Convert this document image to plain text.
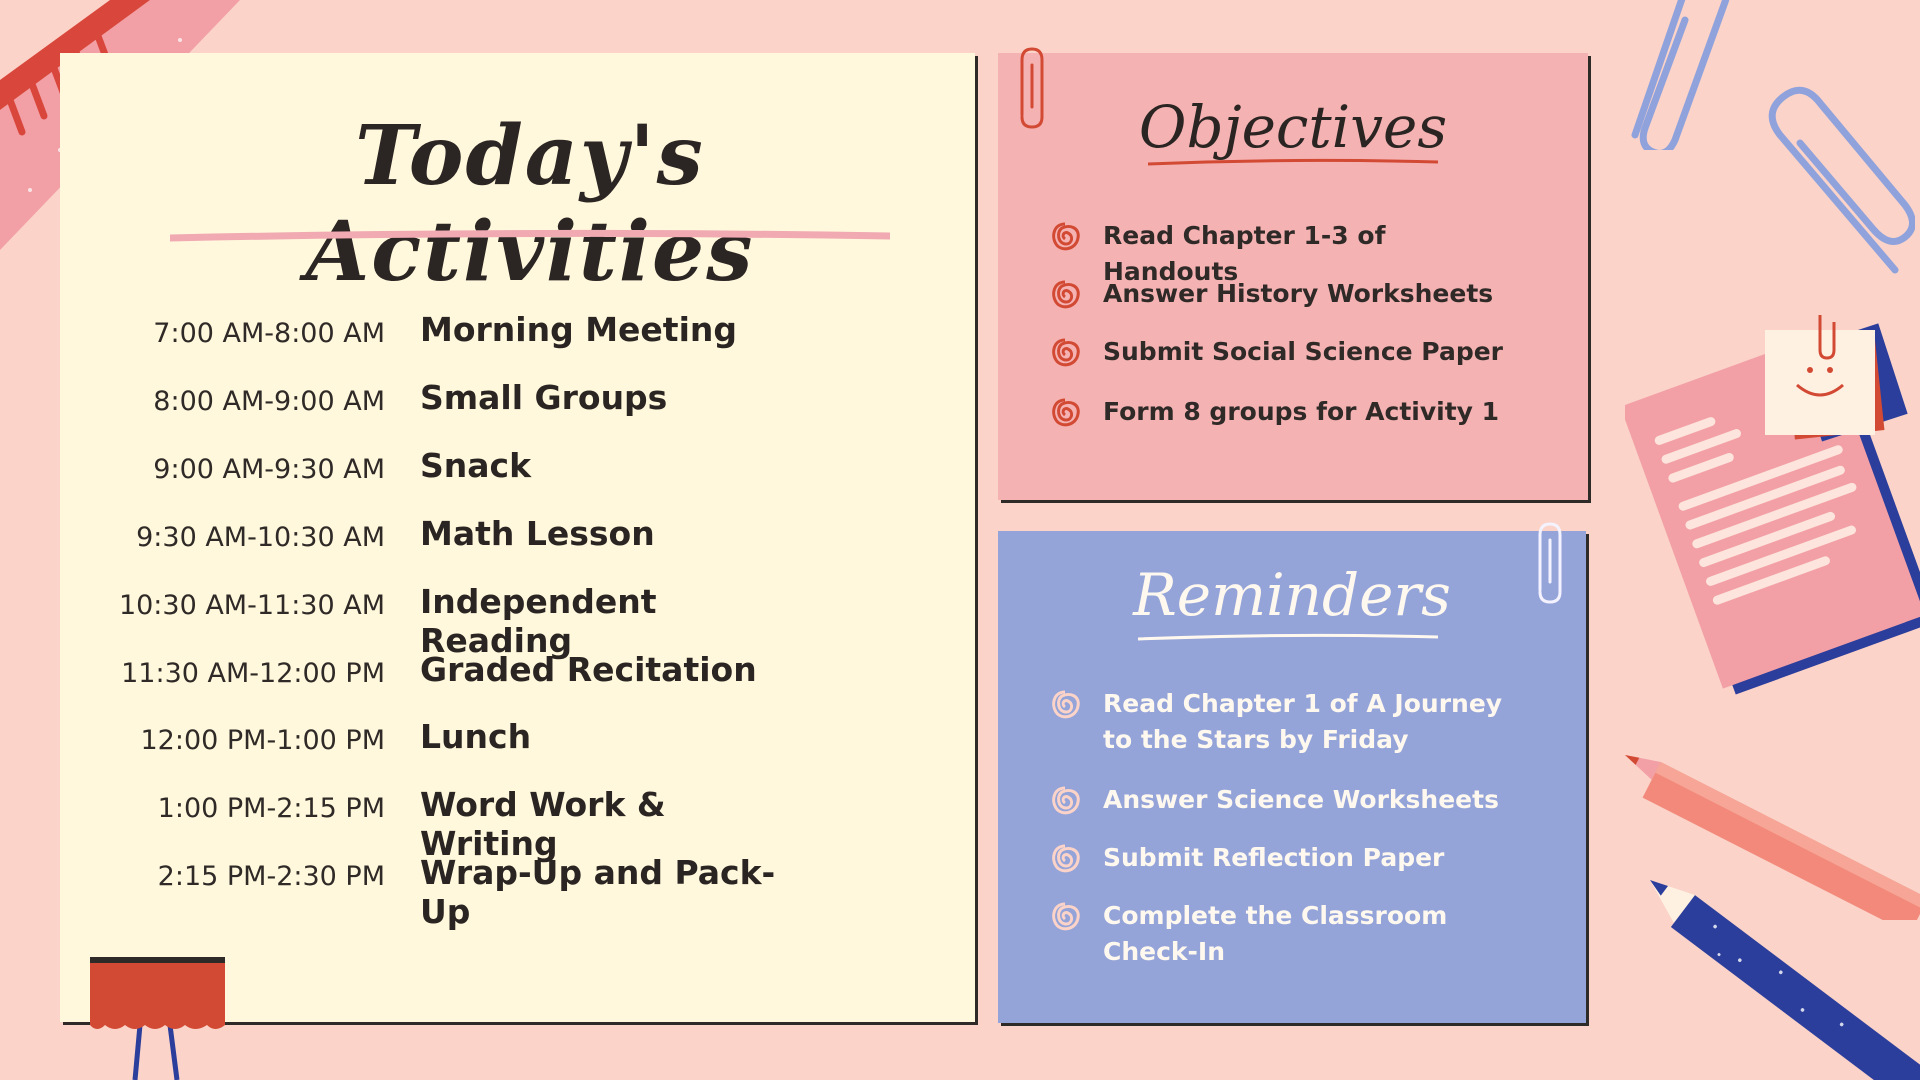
Today's Activities
7:00 AM-8:00 AM Morning Meeting
8:00 AM-9:00 AM Small Groups
9:00 AM-9:30 AM Snack
9:30 AM-10:30 AM Math Lesson
10:30 AM-11:30 AM Independent Reading
11:30 AM-12:00 PM Graded Recitation
12:00 PM-1:00 PM Lunch
1:00 PM-2:15 PM Word Work & Writing
2:15 PM-2:30 PM Wrap-Up and Pack-Up
Objectives
Read Chapter 1-3 of Handouts
Answer History Worksheets
Submit Social Science Paper
Form 8 groups for Activity 1
Reminders
Read Chapter 1 of A Journey to the Stars by Friday
Answer Science Worksheets
Submit Reflection Paper
Complete the Classroom Check-In
